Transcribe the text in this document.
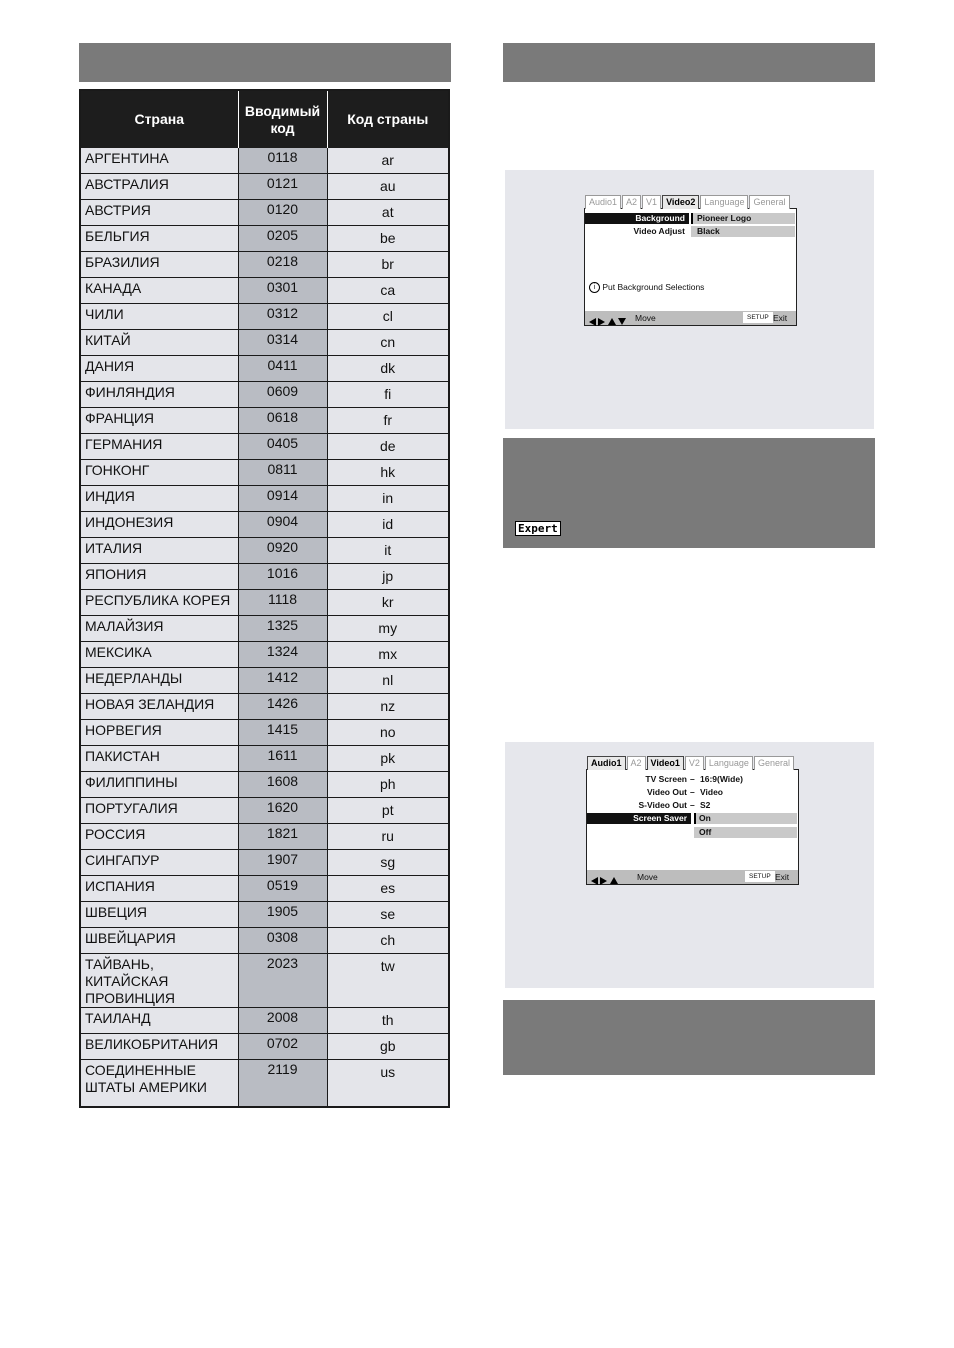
Страна	Вводимый код	Код страны
АРГЕНТИНА	0118	ar
АВСТРАЛИЯ	0121	au
АВСТРИЯ	0120	at
БЕЛЬГИЯ	0205	be
БРАЗИЛИЯ	0218	br
КАНАДА	0301	ca
ЧИЛИ	0312	cl
КИТАЙ	0314	cn
ДАНИЯ	0411	dk
ФИНЛЯНДИЯ	0609	fi
ФРАНЦИЯ	0618	fr
ГЕРМАНИЯ	0405	de
ГОНКОНГ	0811	hk
ИНДИЯ	0914	in
ИНДОНЕЗИЯ	0904	id
ИТАЛИЯ	0920	it
ЯПОНИЯ	1016	jp
РЕСПУБЛИКА КОРЕЯ	1118	kr
МАЛАЙЗИЯ	1325	my
МЕКСИКА	1324	mx
НЕДЕРЛАНДЫ	1412	nl
НОВАЯ ЗЕЛАНДИЯ	1426	nz
НОРВЕГИЯ	1415	no
ПАКИСТАН	1611	pk
ФИЛИППИНЫ	1608	ph
ПОРТУГАЛИЯ	1620	pt
РОССИЯ	1821	ru
СИНГАПУР	1907	sg
ИСПАНИЯ	0519	es
ШВЕЦИЯ	1905	se
ШВЕЙЦАРИЯ	0308	ch
ТАЙВАНЬ, КИТАЙСКАЯ ПРОВИНЦИЯ	2023	tw
ТАИЛАНД	2008	th
ВЕЛИКОБРИТАНИЯ	0702	gb
СОЕДИНЕННЫЕ ШТАТЫ АМЕРИКИ	2119	us
Audio1	A2	V1	Video2	Language	General
Background	Pioneer Logo
Video Adjust	Black
i Put Background Selections

Move	SETUP Exit
Expert
Audio1	A2	Video1	V2	Language	General
TV Screen – 16:9(Wide)
Video Out – Video
S-Video Out – S2
Screen Saver	On
Off

Move	SETUP Exit
